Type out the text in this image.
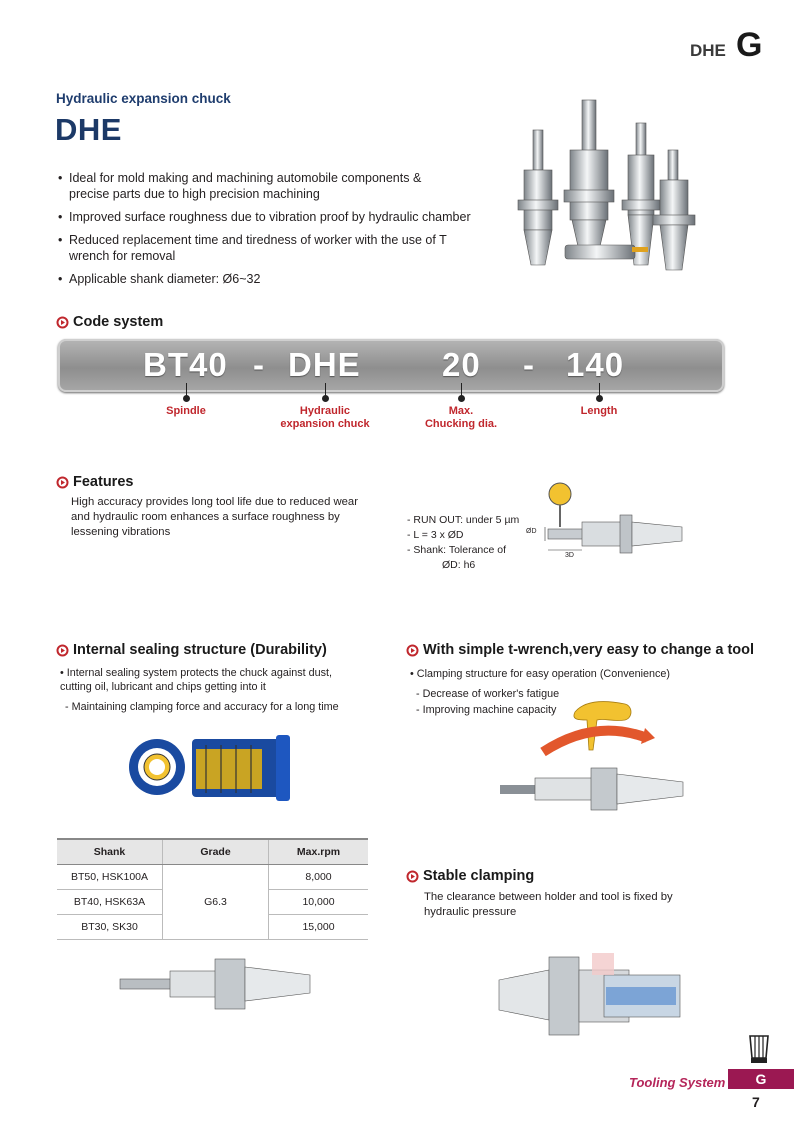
DHE G
Hydraulic expansion chuck
DHE
• Ideal for mold making and machining automobile components & precise parts due to high precision machining
• Improved surface roughness due to vibration proof by hydraulic chamber
• Reduced replacement time and tiredness of worker with the use of T wrench for removal
• Applicable shank diameter: Ø6~32
Code system
BT40 - DHE 20 - 140
Spindle	Hydraulic
expansion chuck
Max.
Chucking dia.
Length
Features
High accuracy provides long tool life due to reduced wear and hydraulic room enhances a surface roughness by lessening vibrations
- RUN OUT: under 5 µm
- L = 3 x ØD
- Shank: Tolerance of
ØD: h6
ØD
3D
Internal sealing structure (Durability)
• Internal sealing system protects the chuck against dust, cutting oil, lubricant and chips getting into it
- Maintaining clamping force and accuracy for a long time
Shank	Grade	Max.rpm
BT50, HSK100A	G6.3	8,000
BT40, HSK63A		10,000
BT30, SK30		15,000
With simple t-wrench,very easy to change a tool
• Clamping structure for easy operation (Convenience)
- Decrease of worker's fatigue
- Improving machine capacity
Stable clamping
The clearance between holder and tool is fixed by hydraulic pressure
Tooling System	G
7
